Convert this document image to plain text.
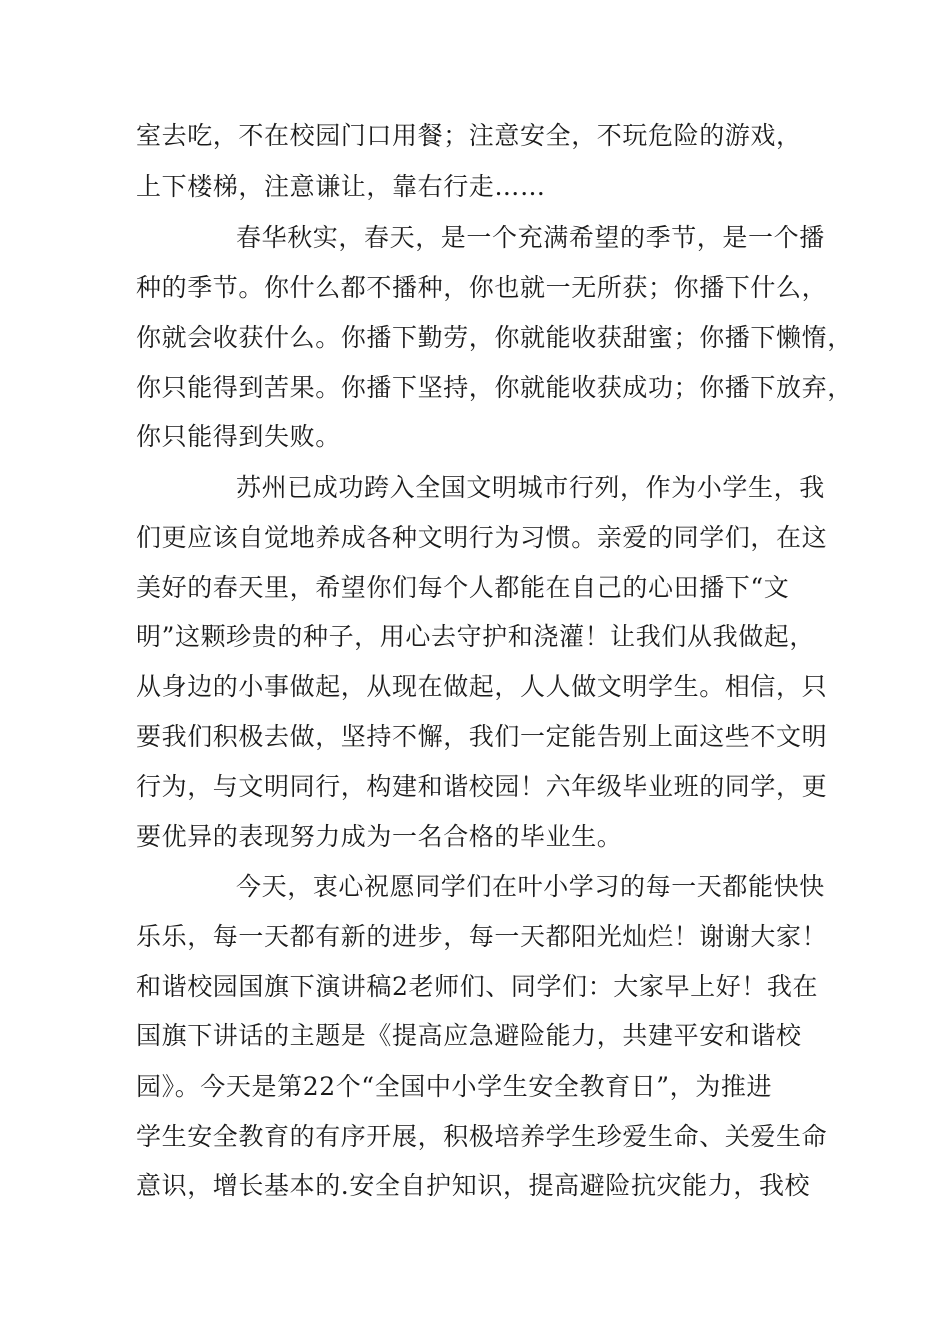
室去吃，不在校园门口用餐；注意安全，不玩危险的游戏，

上下楼梯，注意谦让，靠右行走……

春华秋实，春天，是一个充满希望的季节，是一个播

种的季节。你什么都不播种，你也就一无所获；你播下什么，

你就会收获什么。你播下勤劳，你就能收获甜蜜；你播下懒惰，

你只能得到苦果。你播下坚持，你就能收获成功；你播下放弃，

你只能得到失败。

苏州已成功跨入全国文明城市行列，作为小学生，我

们更应该自觉地养成各种文明行为习惯。亲爱的同学们，在这

美好的春天里，希望你们每个人都能在自己的心田播下“文

明”这颗珍贵的种子，用心去守护和浇灌！让我们从我做起，

从身边的小事做起，从现在做起，人人做文明学生。相信，只

要我们积极去做，坚持不懈，我们一定能告别上面这些不文明

行为，与文明同行，构建和谐校园！六年级毕业班的同学，更

要优异的表现努力成为一名合格的毕业生。

今天，衷心祝愿同学们在叶小学习的每一天都能快快

乐乐，每一天都有新的进步，每一天都阳光灿烂！谢谢大家！

和谐校园国旗下演讲稿2老师们、同学们：大家早上好！我在

国旗下讲话的主题是《提高应急避险能力，共建平安和谐校

园》。今天是第22个“全国中小学生安全教育日”，为推进

学生安全教育的有序开展，积极培养学生珍爱生命、关爱生命

意识，增长基本的.安全自护知识，提高避险抗灾能力，我校
